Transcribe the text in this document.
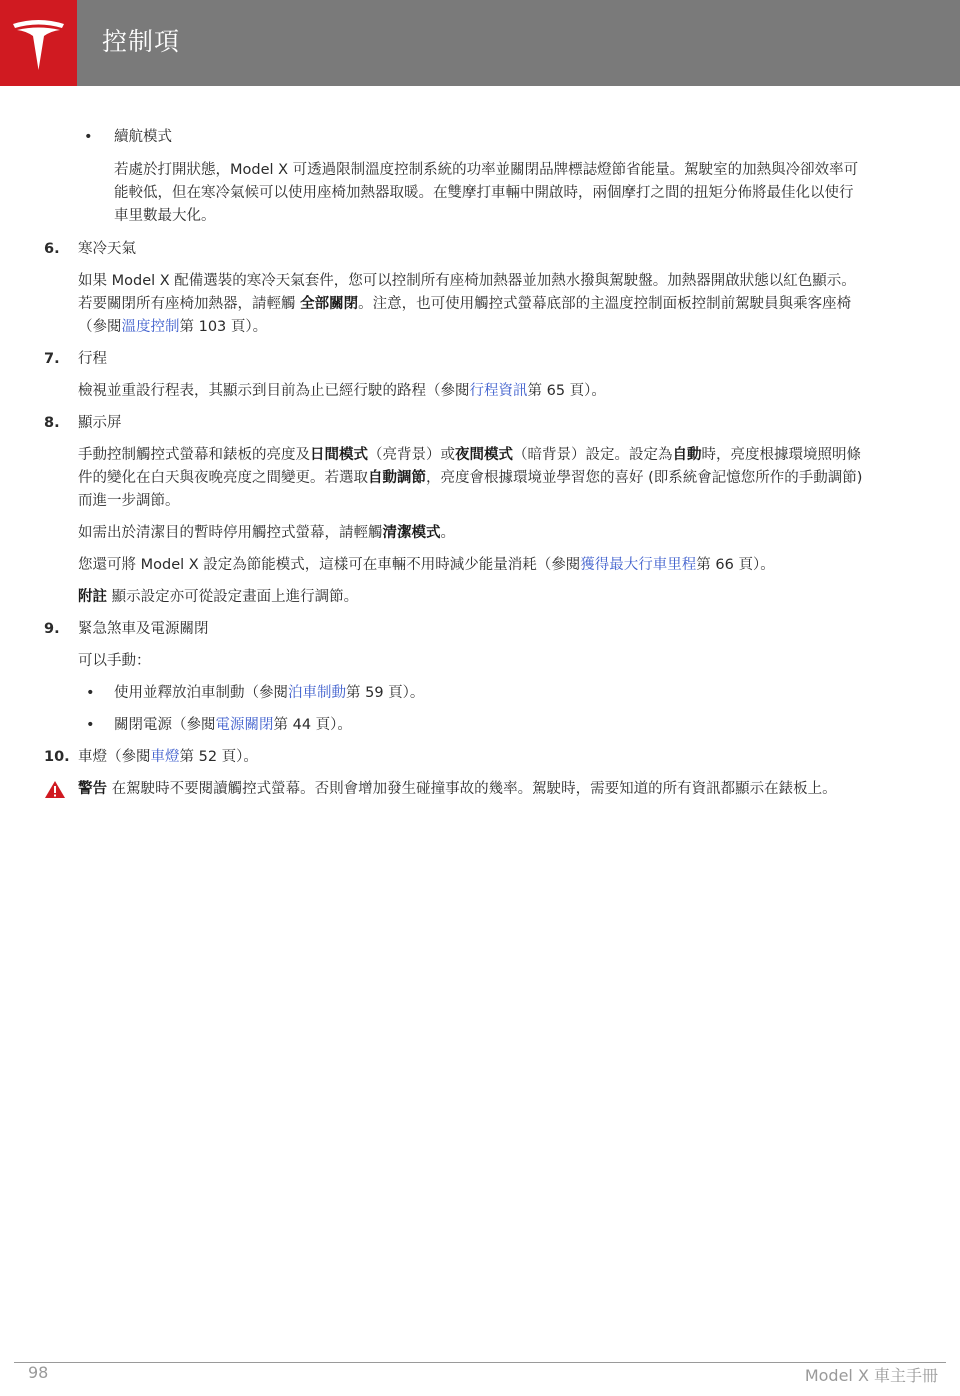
控制項

• 續航模式

若處於打開狀態，Model X 可透過限制溫度控制系統的功率並關閉品牌標誌燈節省能量。駕駛室的加熱與冷卻效率可能較低，但在寒冷氣候可以使用座椅加熱器取暖。在雙摩打車輛中開啟時，兩個摩打之間的扭矩分佈將最佳化以使行車里數最大化。

6. 寒冷天氣

如果 Model X 配備選裝的寒冷天氣套件，您可以控制所有座椅加熱器並加熱水撥與駕駛盤。加熱器開啟狀態以紅色顯示。若要關閉所有座椅加熱器，請輕觸 全部關閉。注意，也可使用觸控式螢幕底部的主溫度控制面板控制前駕駛員與乘客座椅（參閱溫度控制第 103 頁）。

7. 行程

檢視並重設行程表，其顯示到目前為止已經行駛的路程（參閱行程資訊第 65 頁）。

8. 顯示屏

手動控制觸控式螢幕和錶板的亮度及日間模式（亮背景）或夜間模式（暗背景）設定。設定為自動時，亮度根據環境照明條件的變化在白天與夜晚亮度之間變更。若選取自動調節，亮度會根據環境並學習您的喜好 (即系統會記憶您所作的手動調節) 而進一步調節。

如需出於清潔目的暫時停用觸控式螢幕，請輕觸清潔模式。

您還可將 Model X 設定為節能模式，這樣可在車輛不用時減少能量消耗（參閱獲得最大行車里程第 66 頁）。

附註 顯示設定亦可從設定畫面上進行調節。

9. 緊急煞車及電源關閉

可以手動：

• 使用並釋放泊車制動（參閱泊車制動第 59 頁）。

• 關閉電源（參閱電源關閉第 44 頁）。

10. 車燈（參閱車燈第 52 頁）。

警告 在駕駛時不要閱讀觸控式螢幕。否則會增加發生碰撞事故的幾率。駕駛時，需要知道的所有資訊都顯示在錶板上。

98	Model X 車主手冊
